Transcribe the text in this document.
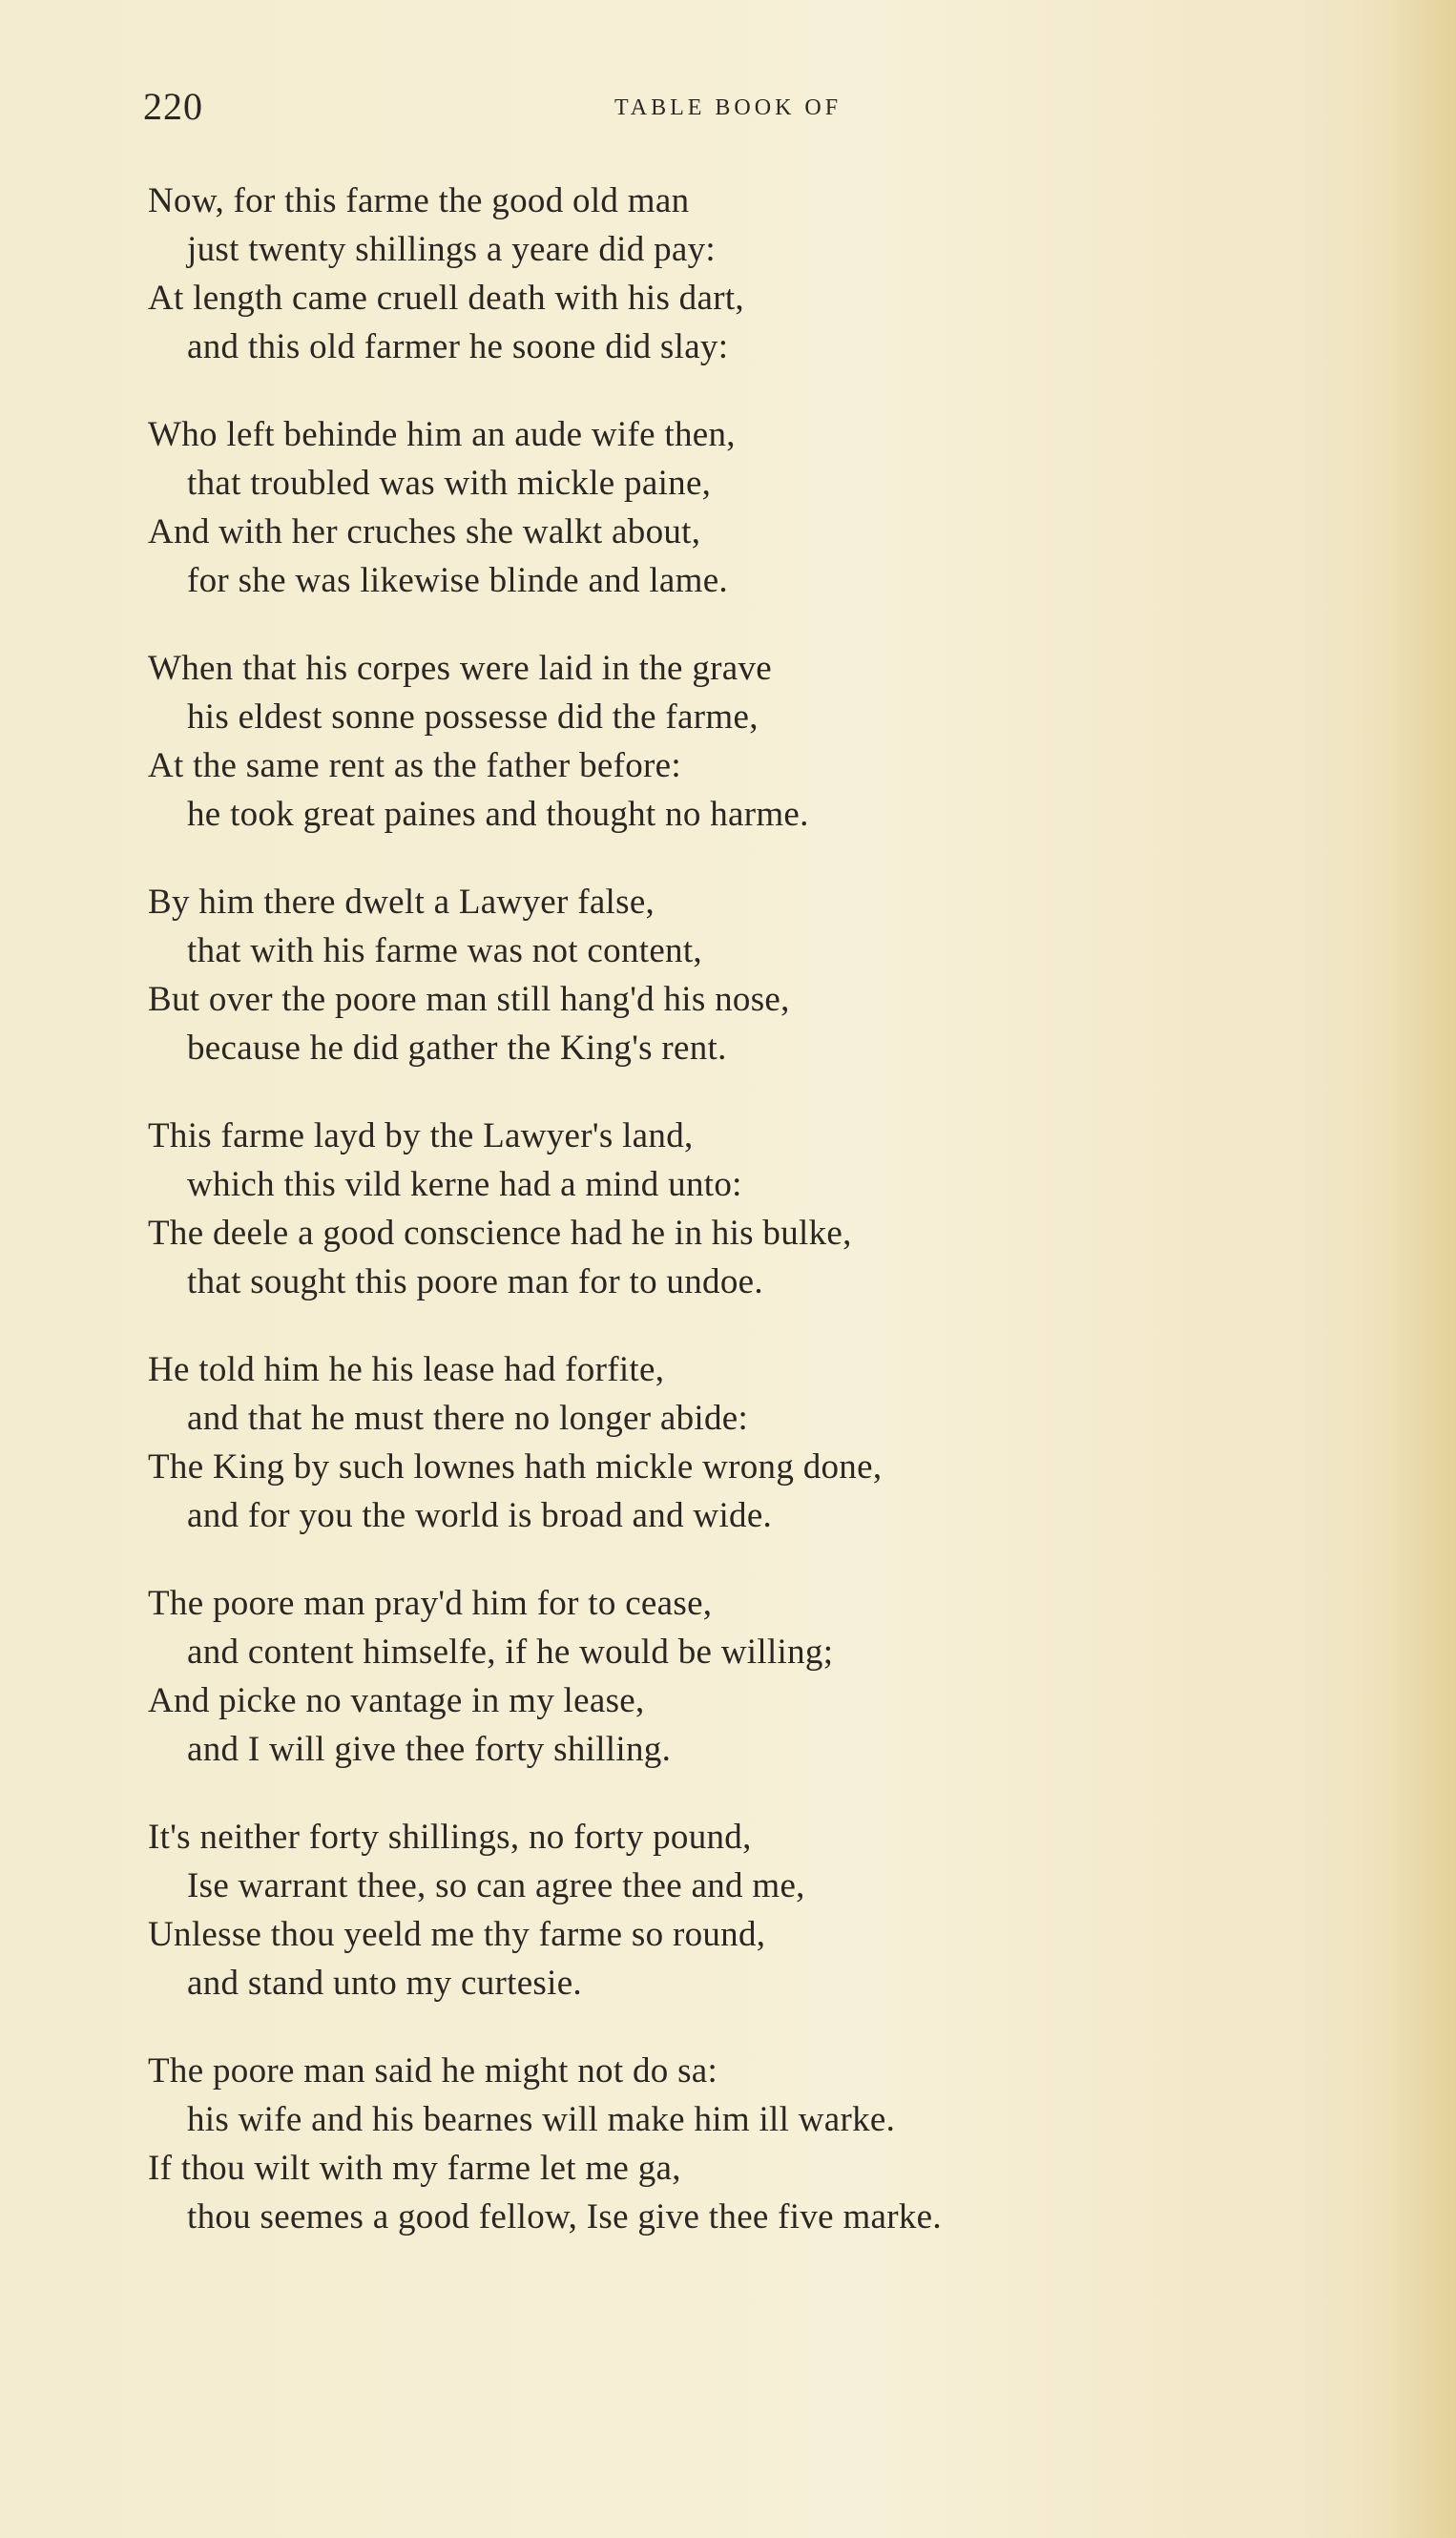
220	TABLE BOOK OF
Now, for this farme the good old man
just twenty shillings a yeare did pay:
At length came cruell death with his dart,
and this old farmer he soone did slay:
Who left behinde him an aude wife then,
that troubled was with mickle paine,
And with her cruches she walkt about,
for she was likewise blinde and lame.
When that his corpes were laid in the grave
his eldest sonne possesse did the farme,
At the same rent as the father before:
he took great paines and thought no harme.
By him there dwelt a Lawyer false,
that with his farme was not content,
But over the poore man still hang'd his nose,
because he did gather the King's rent.
This farme layd by the Lawyer's land,
which this vild kerne had a mind unto:
The deele a good conscience had he in his bulke,
that sought this poore man for to undoe.
He told him he his lease had forfite,
and that he must there no longer abide:
The King by such lownes hath mickle wrong done,
and for you the world is broad and wide.
The poore man pray'd him for to cease,
and content himselfe, if he would be willing;
And picke no vantage in my lease,
and I will give thee forty shilling.
It's neither forty shillings, no forty pound,
Ise warrant thee, so can agree thee and me,
Unlesse thou yeeld me thy farme so round,
and stand unto my curtesie.
The poore man said he might not do sa:
his wife and his bearnes will make him ill warke.
If thou wilt with my farme let me ga,
thou seemes a good fellow, Ise give thee five marke.
